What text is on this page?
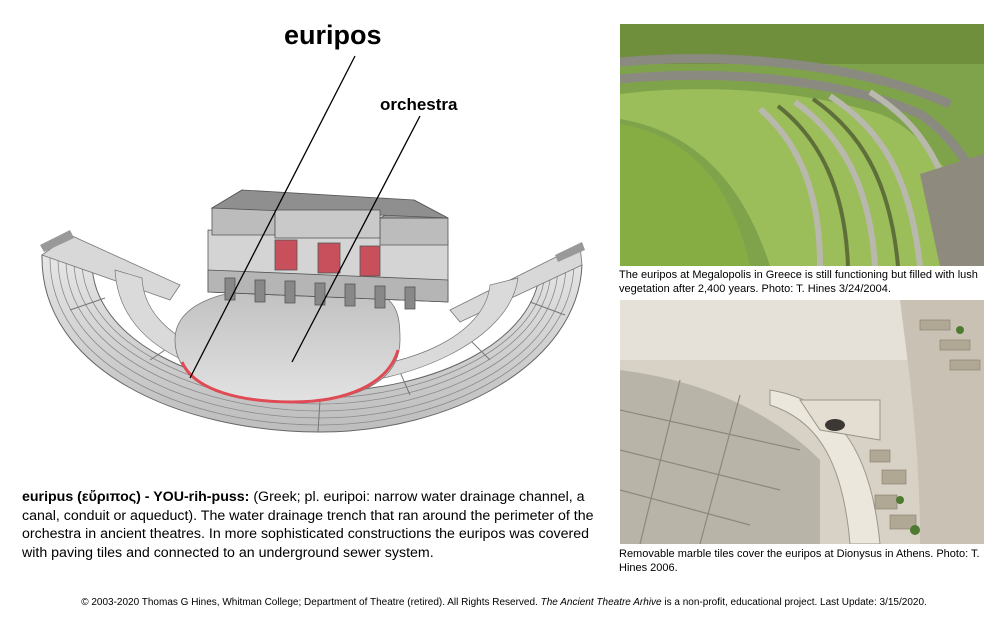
euripos
orchestra
The euripos at Megalopolis in Greece is still functioning but filled with lush vegetation after 2,400 years. Photo: T. Hines 3/24/2004.
Removable marble tiles cover the euripos at Dionysus in Athens. Photo: T. Hines 2006.
euripus (εὔριπος) - YOU-rih-puss: (Greek; pl. euripoi: narrow water drainage channel, a canal, conduit or aqueduct). The water drainage trench that ran around the perimeter of the orchestra in ancient theatres. In more sophisticated constructions the euripos was covered with paving tiles and connected to an underground sewer system.
© 2003-2020 Thomas G Hines, Whitman College; Department of Theatre (retired). All Rights Reserved. The Ancient Theatre Arhive is a non-profit, educational project. Last Update: 3/15/2020.
